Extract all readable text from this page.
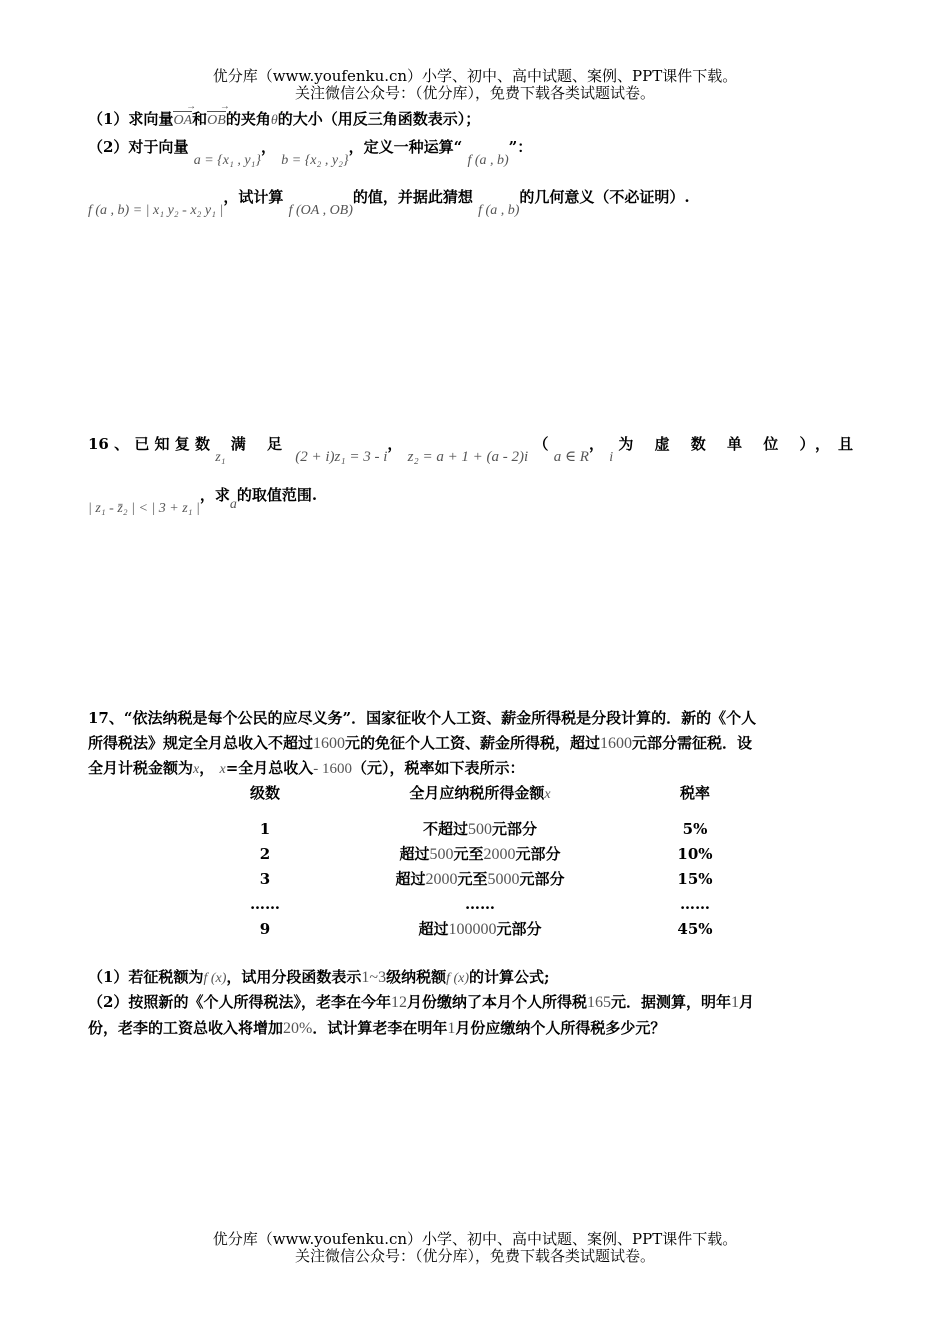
优分库（www.youfenku.cn）小学、初中、高中试题、案例、PPT课件下载。
关注微信公众号：（优分库），免费下载各类试题试卷。
（1）求向量OA →和OB →的夹角θ的大小（用反三角函数表示）；
（2）对于向量 a = {x₁ , y₁}， b = {x₂ , y₂}，定义一种运算“ f (a , b)”：
f (a , b) = | x₁ y₂ - x₂ y₁ |，试计算 f (OA , OB)的值，并据此猜想 f (a , b)的几何意义（不必证明）.
16 、 已 知 复 数 z₁ 满 足 (2 + i)z₁ = 3 - i， z₂ = a + 1 + (a - 2)i （ a ∈ R， i 为 虚 数 单 位 ），且
| z₁ - z̄₂ | < | 3 + z₁ |，求a的取值范围.
17、“依法纳税是每个公民的应尽义务”．国家征收个人工资、薪金所得税是分段计算的．新的《个人
所得税法》规定全月总收入不超过1600元的免征个人工资、薪金所得税，超过1600元部分需征税．设
全月计税金额为x， x=全月总收入- 1600（元），税率如下表所示：
级数	全月应纳税所得金额x	税率
1	不超过500元部分	5%
2	超过500元至2000元部分	10%
3	超过2000元至5000元部分	15%
……	……	……
9	超过100000元部分	45%
（1）若征税额为f (x)，试用分段函数表示1~3级纳税额f (x)的计算公式;
（2）按照新的《个人所得税法》，老李在今年12月份缴纳了本月个人所得税165元．据测算，明年1月
份，老李的工资总收入将增加20%．试计算老李在明年1月份应缴纳个人所得税多少元？
优分库（www.youfenku.cn）小学、初中、高中试题、案例、PPT课件下载。
关注微信公众号：（优分库），免费下载各类试题试卷。
